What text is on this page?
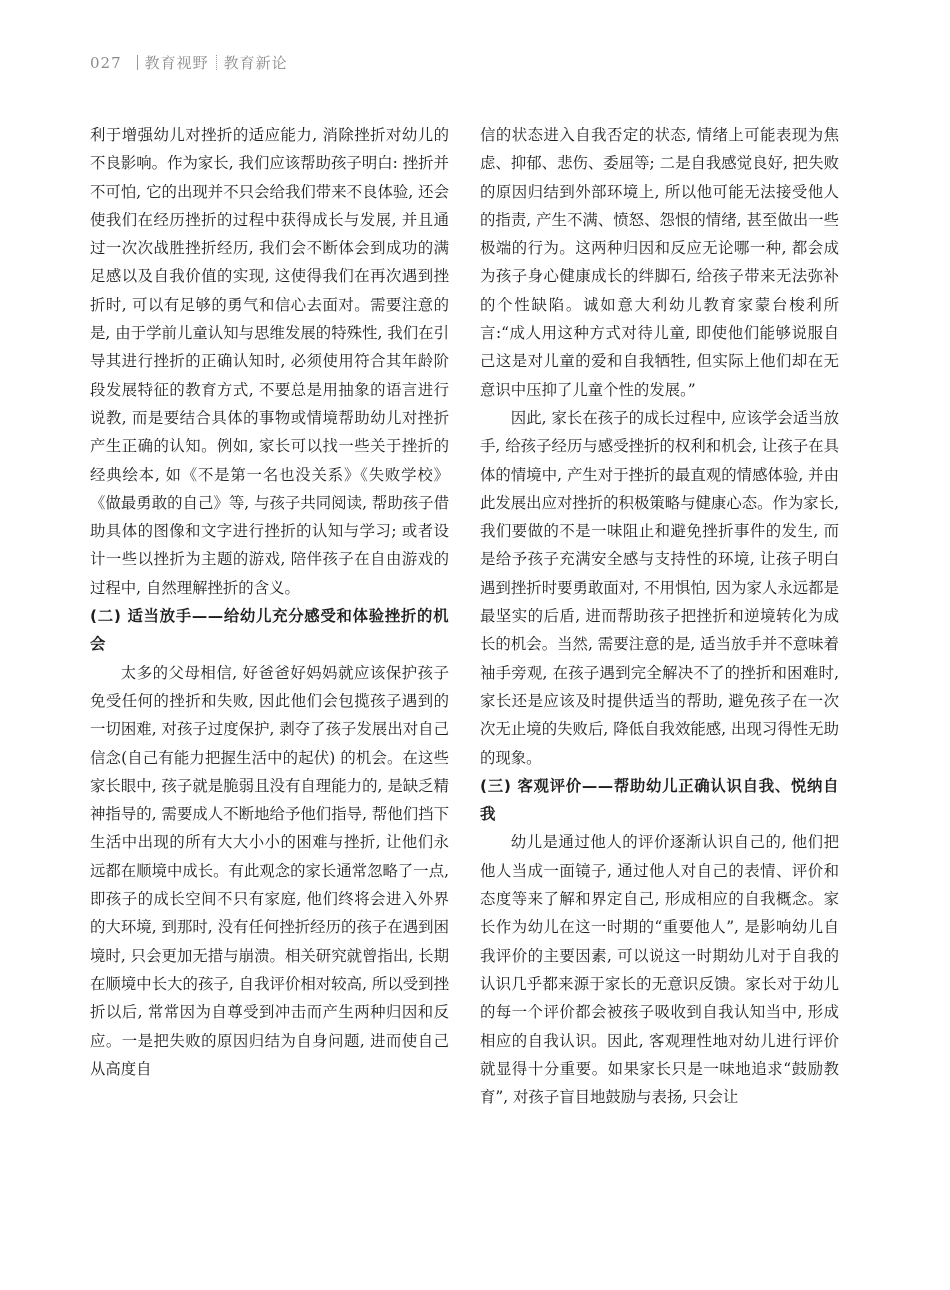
027 教育视野 教育新论

利于增强幼儿对挫折的适应能力, 消除挫折对幼儿的不良影响。作为家长, 我们应该帮助孩子明白: 挫折并不可怕, 它的出现并不只会给我们带来不良体验, 还会使我们在经历挫折的过程中获得成长与发展, 并且通过一次次战胜挫折经历, 我们会不断体会到成功的满足感以及自我价值的实现, 这使得我们在再次遇到挫折时, 可以有足够的勇气和信心去面对。需要注意的是, 由于学前儿童认知与思维发展的特殊性, 我们在引导其进行挫折的正确认知时, 必须使用符合其年龄阶段发展特征的教育方式, 不要总是用抽象的语言进行说教, 而是要结合具体的事物或情境帮助幼儿对挫折产生正确的认知。例如, 家长可以找一些关于挫折的经典绘本, 如《不是第一名也没关系》《失败学校》《做最勇敢的自己》等, 与孩子共同阅读, 帮助孩子借助具体的图像和文字进行挫折的认知与学习; 或者设计一些以挫折为主题的游戏, 陪伴孩子在自由游戏的过程中, 自然理解挫折的含义。

(二) 适当放手——给幼儿充分感受和体验挫折的机会

太多的父母相信, 好爸爸好妈妈就应该保护孩子免受任何的挫折和失败, 因此他们会包揽孩子遇到的一切困难, 对孩子过度保护, 剥夺了孩子发展出对自己信念(自己有能力把握生活中的起伏) 的机会。在这些家长眼中, 孩子就是脆弱且没有自理能力的, 是缺乏精神指导的, 需要成人不断地给予他们指导, 帮他们挡下生活中出现的所有大大小小的困难与挫折, 让他们永远都在顺境中成长。有此观念的家长通常忽略了一点, 即孩子的成长空间不只有家庭, 他们终将会进入外界的大环境, 到那时, 没有任何挫折经历的孩子在遇到困境时, 只会更加无措与崩溃。相关研究就曾指出, 长期在顺境中长大的孩子, 自我评价相对较高, 所以受到挫折以后, 常常因为自尊受到冲击而产生两种归因和反应。一是把失败的原因归结为自身问题, 进而使自己从高度自

信的状态进入自我否定的状态, 情绪上可能表现为焦虑、抑郁、悲伤、委屈等; 二是自我感觉良好, 把失败的原因归结到外部环境上, 所以他可能无法接受他人的指责, 产生不满、愤怒、怨恨的情绪, 甚至做出一些极端的行为。这两种归因和反应无论哪一种, 都会成为孩子身心健康成长的绊脚石, 给孩子带来无法弥补的个性缺陷。诚如意大利幼儿教育家蒙台梭利所言:“成人用这种方式对待儿童, 即使他们能够说服自己这是对儿童的爱和自我牺牲, 但实际上他们却在无意识中压抑了儿童个性的发展。”

因此, 家长在孩子的成长过程中, 应该学会适当放手, 给孩子经历与感受挫折的权利和机会, 让孩子在具体的情境中, 产生对于挫折的最直观的情感体验, 并由此发展出应对挫折的积极策略与健康心态。作为家长, 我们要做的不是一味阻止和避免挫折事件的发生, 而是给予孩子充满安全感与支持性的环境, 让孩子明白遇到挫折时要勇敢面对, 不用惧怕, 因为家人永远都是最坚实的后盾, 进而帮助孩子把挫折和逆境转化为成长的机会。当然, 需要注意的是, 适当放手并不意味着袖手旁观, 在孩子遇到完全解决不了的挫折和困难时, 家长还是应该及时提供适当的帮助, 避免孩子在一次次无止境的失败后, 降低自我效能感, 出现习得性无助的现象。

(三) 客观评价——帮助幼儿正确认识自我、悦纳自我

幼儿是通过他人的评价逐渐认识自己的, 他们把他人当成一面镜子, 通过他人对自己的表情、评价和态度等来了解和界定自己, 形成相应的自我概念。家长作为幼儿在这一时期的“重要他人”, 是影响幼儿自我评价的主要因素, 可以说这一时期幼儿对于自我的认识几乎都来源于家长的无意识反馈。家长对于幼儿的每一个评价都会被孩子吸收到自我认知当中, 形成相应的自我认识。因此, 客观理性地对幼儿进行评价就显得十分重要。如果家长只是一味地追求“鼓励教育”, 对孩子盲目地鼓励与表扬, 只会让
